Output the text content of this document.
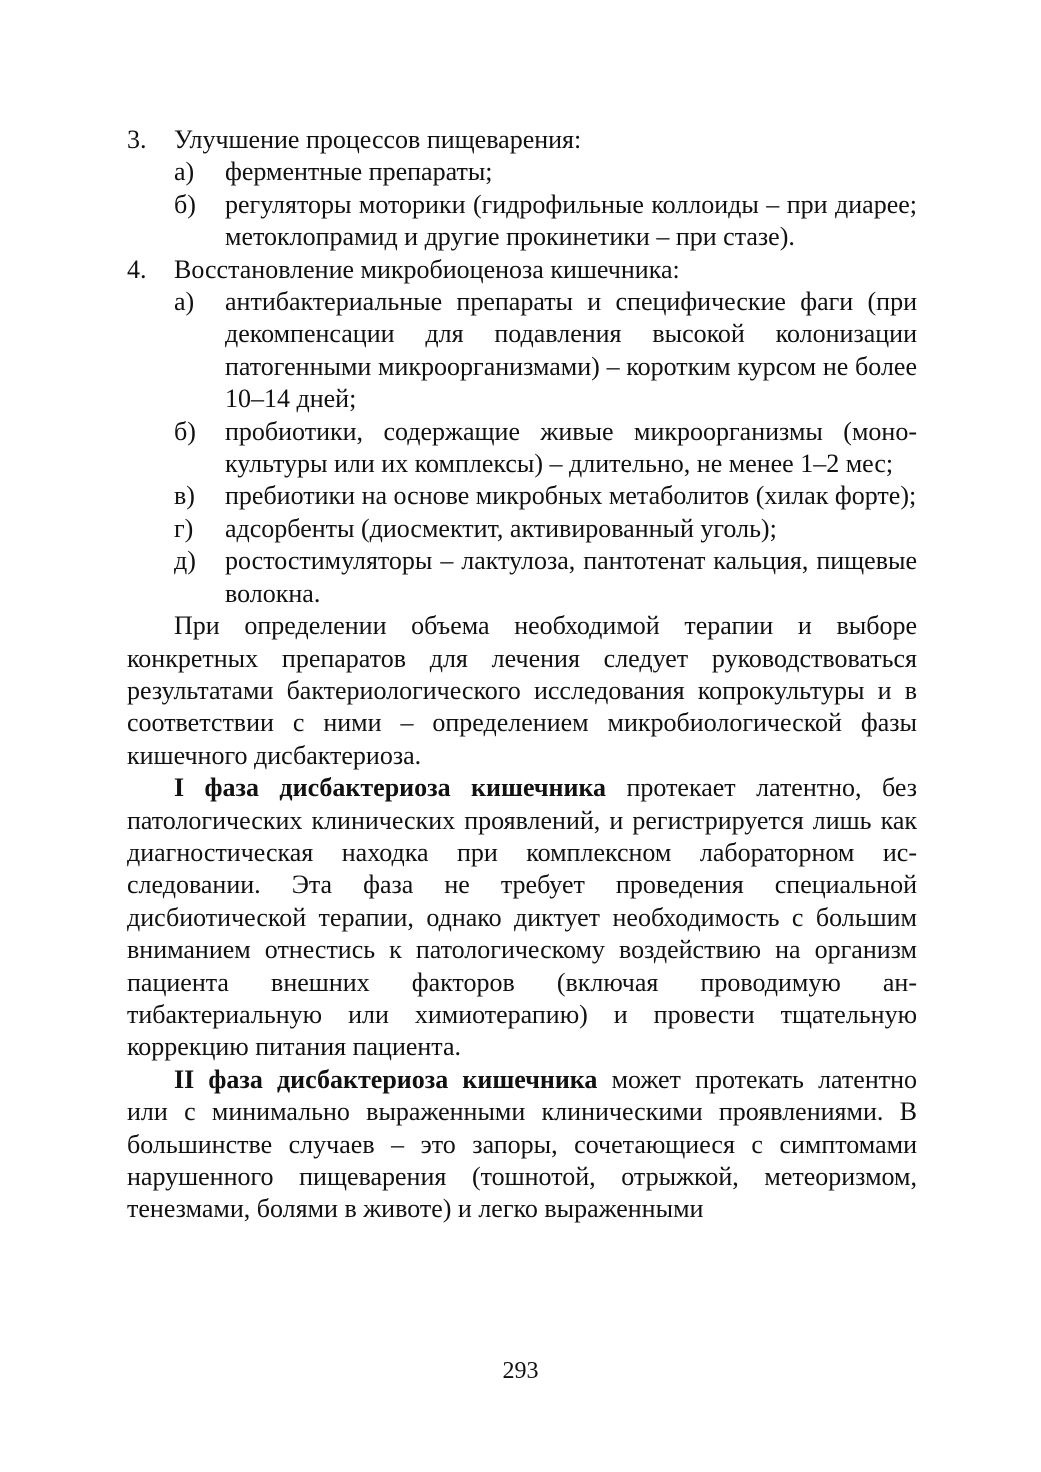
3. Улучшение процессов пищеварения:
а) ферментные препараты;
б) регуляторы моторики (гидрофильные коллоиды – при диарее; метоклопрамид и другие прокинетики – при стазе).
4. Восстановление микробиоценоза кишечника:
а) антибактериальные препараты и специфические фаги (при декомпенсации для подавления высокой колонизации патогенными микроорганизмами) – коротким курсом не более 10–14 дней;
б) пробиотики, содержащие живые микроорганизмы (монокультуры или их комплексы) – длительно, не менее 1–2 мес;
в) пребиотики на основе микробных метаболитов (хилак форте);
г) адсорбенты (диосмектит, активированный уголь);
д) ростостимуляторы – лактулоза, пантотенат кальция, пищевые волокна.
При определении объема необходимой терапии и выборе конкретных препаратов для лечения следует руководствоваться результатами бактериологического исследования копрокультуры и в соответствии с ними – определением микробиологической фазы кишечного дисбактериоза.
I фаза дисбактериоза кишечника протекает латентно, без патологических клинических проявлений, и регистрируется лишь как диагностическая находка при комплексном лабораторном исследовании. Эта фаза не требует проведения специальной дисбиотической терапии, однако диктует необходимость с большим вниманием отнестись к патологическому воздействию на организм пациента внешних факторов (включая проводимую антибактериальную или химиотерапию) и провести тщательную коррекцию питания пациента.
II фаза дисбактериоза кишечника может протекать латентно или с минимально выраженными клиническими проявлениями. В большинстве случаев – это запоры, сочетающиеся с симптомами нарушенного пищеварения (тошнотой, отрыжкой, метеоризмом, тенезмами, болями в животе) и легко выраженными
293
